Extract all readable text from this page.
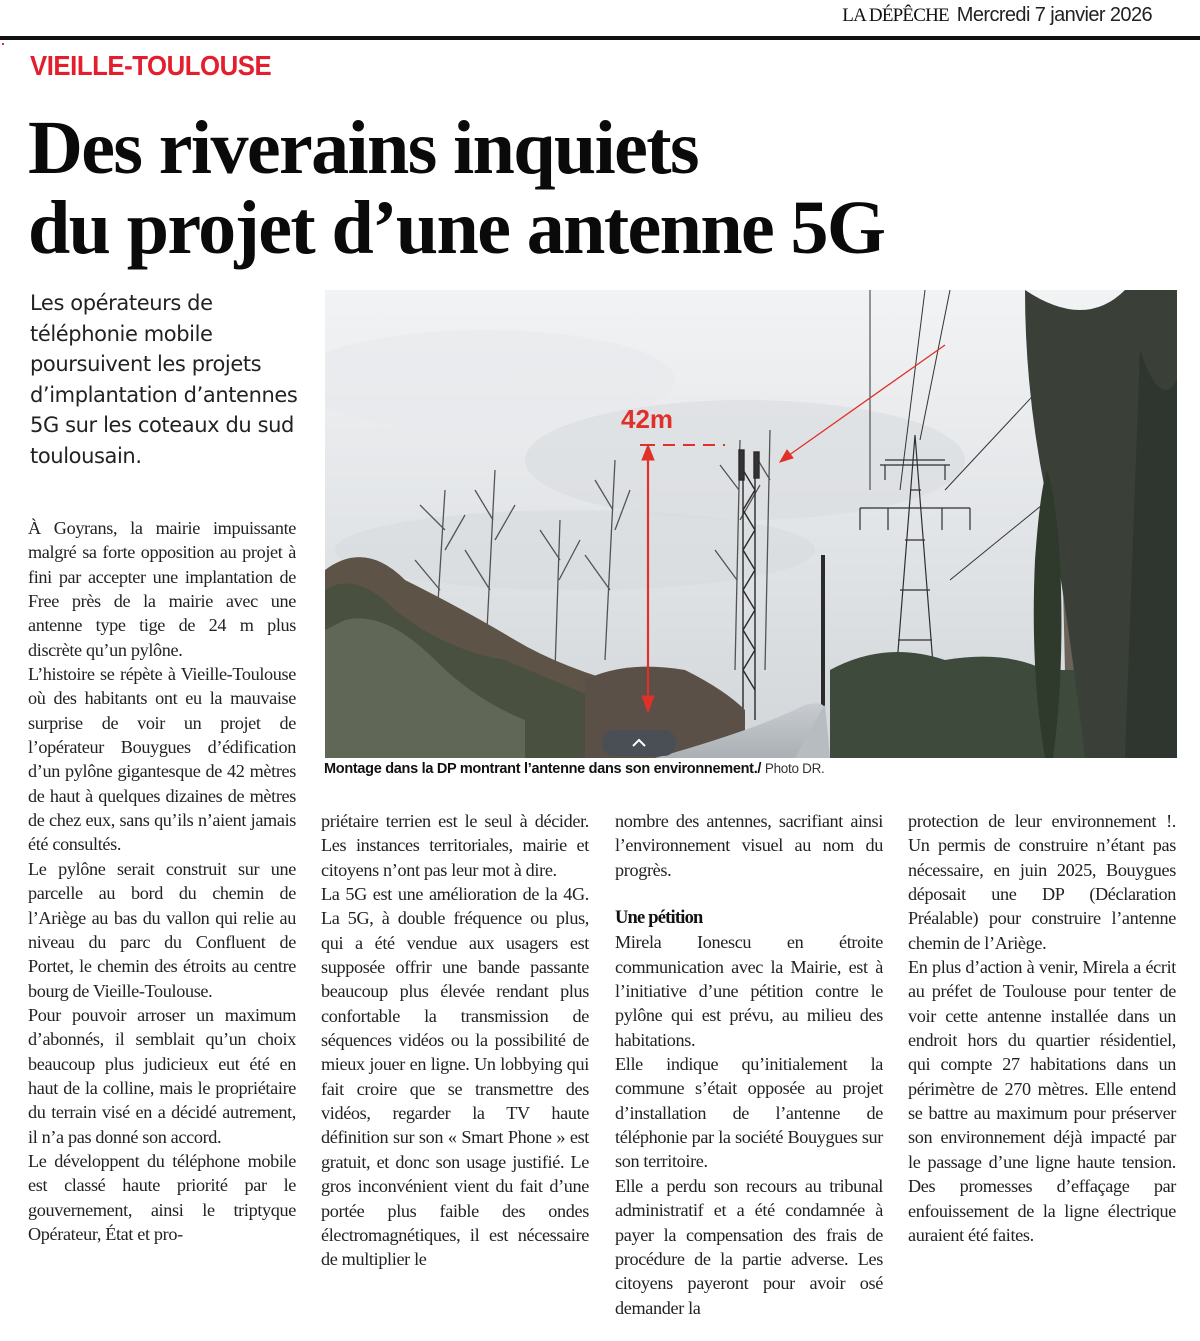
LA DÉPÊCHE Mercredi 7 janvier 2026
VIEILLE-TOULOUSE
Des riverains inquiets
du projet d’une antenne 5G

Les opérateurs de téléphonie mobile poursuivent les projets d’implantation d’antennes 5G sur les coteaux du sud toulousain.

42m
Montage dans la DP montrant l’antenne dans son environnement./ Photo DR.

À Goyrans, la mairie impuissante malgré sa forte opposition au projet à fini par accepter une implantation de Free près de la mairie avec une antenne type tige de 24 m plus discrète qu’un pylône.

L’histoire se répète à Vieille-Toulouse où des habitants ont eu la mauvaise surprise de voir un projet de l’opérateur Bouygues d’édification d’un pylône gigantesque de 42 mètres de haut à quelques dizaines de mètres de chez eux, sans qu’ils n’aient jamais été consultés.

Le pylône serait construit sur une parcelle au bord du chemin de l’Ariège au bas du vallon qui relie au niveau du parc du Confluent de Portet, le chemin des étroits au centre bourg de Vieille-Toulouse.

Pour pouvoir arroser un maximum d’abonnés, il semblait qu’un choix beaucoup plus judicieux eut été en haut de la colline, mais le propriétaire du terrain visé en a décidé autrement, il n’a pas donné son accord.

Le développent du téléphone mobile est classé haute priorité par le gouvernement, ainsi le triptyque Opérateur, État et pro-

priétaire terrien est le seul à décider. Les instances territoriales, mairie et citoyens n’ont pas leur mot à dire.

La 5G est une amélioration de la 4G. La 5G, à double fréquence ou plus, qui a été vendue aux usagers est supposée offrir une bande passante beaucoup plus élevée rendant plus confortable la transmission de séquences vidéos ou la possibilité de mieux jouer en ligne. Un lobbying qui fait croire que se transmettre des vidéos, regarder la TV haute définition sur son « Smart Phone » est gratuit, et donc son usage justifié. Le gros inconvénient vient du fait d’une portée plus faible des ondes électromagnétiques, il est nécessaire de multiplier le

nombre des antennes, sacrifiant ainsi l’environnement visuel au nom du progrès.

Une pétition

Mirela Ionescu en étroite communication avec la Mairie, est à l’initiative d’une pétition contre le pylône qui est prévu, au milieu des habitations.

Elle indique qu’initialement la commune s’était opposée au projet d’installation de l’antenne de téléphonie par la société Bouygues sur son territoire.

Elle a perdu son recours au tribunal administratif et a été condamnée à payer la compensation des frais de procédure de la partie adverse. Les citoyens payeront pour avoir osé demander la

protection de leur environnement !. Un permis de construire n’étant pas nécessaire, en juin 2025, Bouygues déposait une DP (Déclaration Préalable) pour construire l’antenne chemin de l’Ariège.

En plus d’action à venir, Mirela a écrit au préfet de Toulouse pour tenter de voir cette antenne installée dans un endroit hors du quartier résidentiel, qui compte 27 habitations dans un périmètre de 270 mètres. Elle entend se battre au maximum pour préserver son environnement déjà impacté par le passage d’une ligne haute tension. Des promesses d’effaçage par enfouissement de la ligne électrique auraient été faites.
